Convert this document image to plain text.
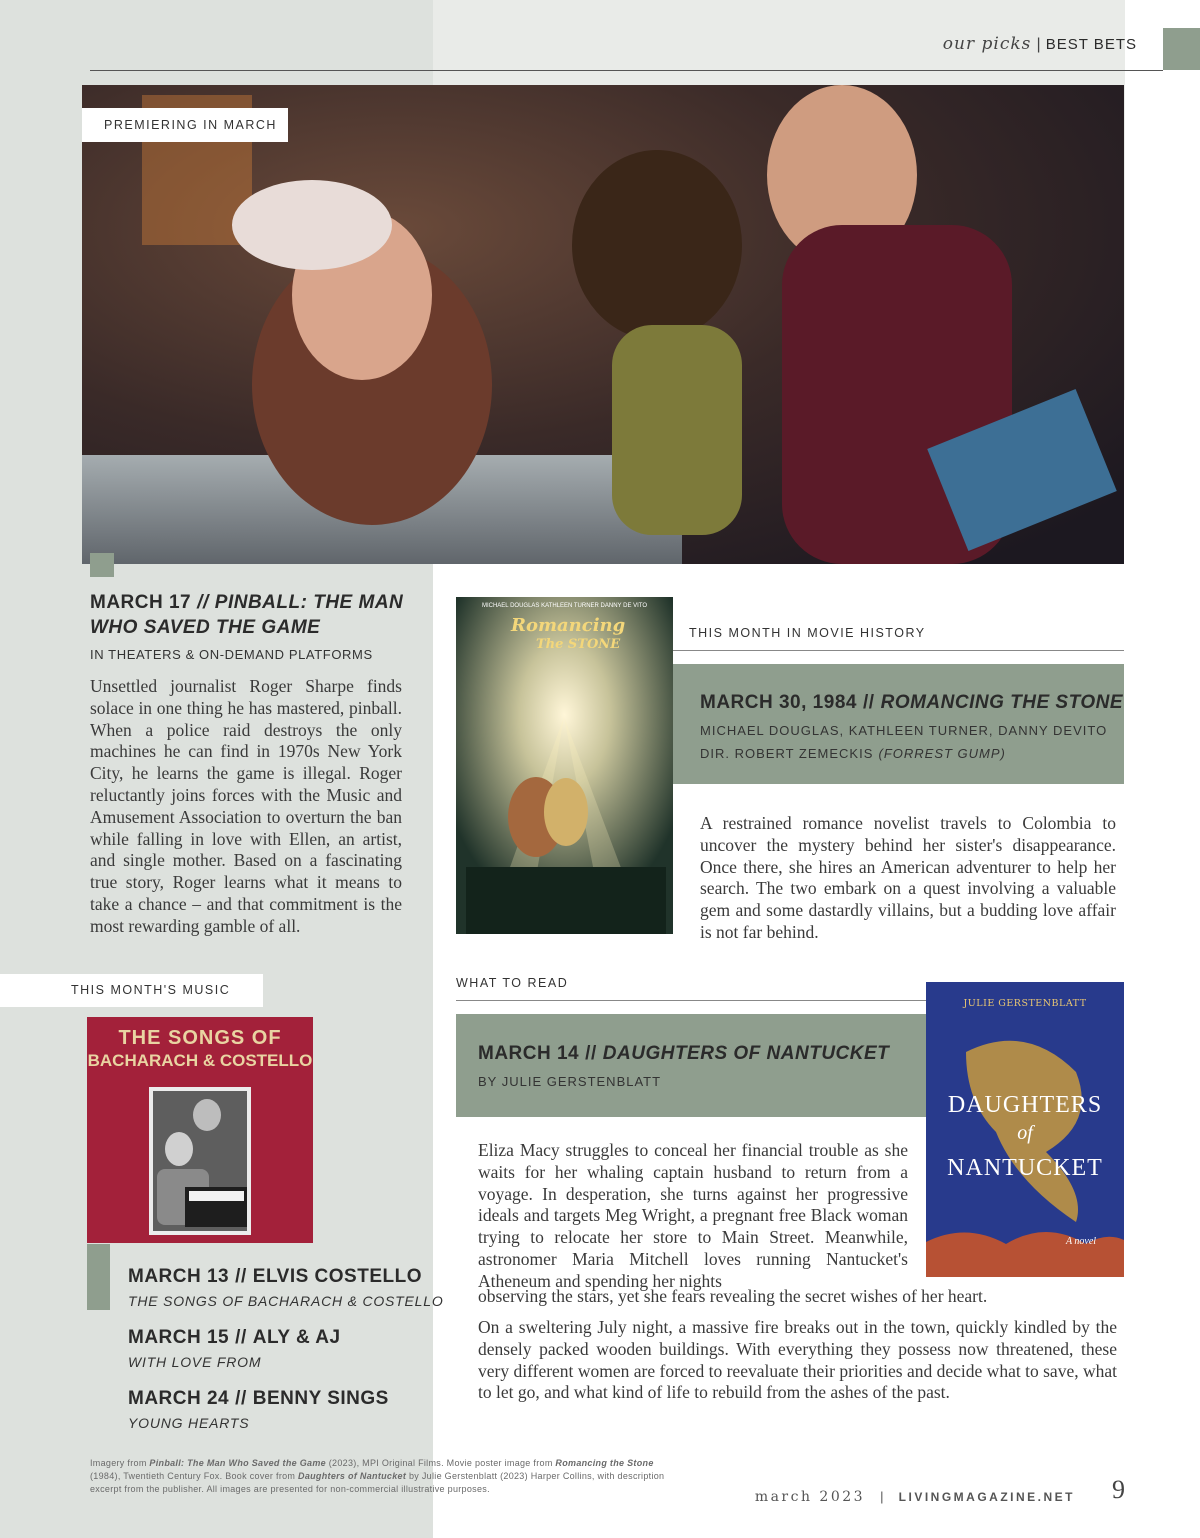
our picks | BEST BETS
PREMIERING IN MARCH
MARCH 17 // PINBALL: THE MAN WHO SAVED THE GAME
IN THEATERS & ON-DEMAND PLATFORMS
Unsettled journalist Roger Sharpe finds solace in one thing he has mastered, pinball. When a police raid destroys the only machines he can find in 1970s New York City, he learns the game is illegal. Roger reluctantly joins forces with the Music and Amusement Association to overturn the ban while falling in love with Ellen, an artist, and single mother. Based on a fascinating true story, Roger learns what it means to take a chance – and that commitment is the most rewarding gamble of all.
THIS MONTH'S MUSIC
THE SONGS OF
BACHARACH & COSTELLO
MARCH 13 // ELVIS COSTELLO
THE SONGS OF BACHARACH & COSTELLO
MARCH 15 // ALY & AJ
WITH LOVE FROM
MARCH 24 // BENNY SINGS
YOUNG HEARTS
Imagery from Pinball: The Man Who Saved the Game (2023), MPI Original Films. Movie poster image from Romancing the Stone (1984), Twentieth Century Fox. Book cover from Daughters of Nantucket by Julie Gerstenblatt (2023) Harper Collins, with description excerpt from the publisher. All images are presented for non-commercial illustrative purposes.
MICHAEL DOUGLAS KATHLEEN TURNER DANNY DE VITO
Romancing
The STONE
THIS MONTH IN MOVIE HISTORY
MARCH 30, 1984 // ROMANCING THE STONE
MICHAEL DOUGLAS, KATHLEEN TURNER, DANNY DEVITO
DIR. ROBERT ZEMECKIS (FORREST GUMP)
A restrained romance novelist travels to Colombia to uncover the mystery behind her sister's disappearance. Once there, she hires an American adventurer to help her search. The two embark on a quest involving a valuable gem and some dastardly villains, but a budding love affair is not far behind.
WHAT TO READ
MARCH 14 // DAUGHTERS OF NANTUCKET
BY JULIE GERSTENBLATT
JULIE GERSTENBLATT
DAUGHTERS
of
NANTUCKET
A novel
Eliza Macy struggles to conceal her financial trouble as she waits for her whaling captain husband to return from a voyage. In desperation, she turns against her progressive ideals and targets Meg Wright, a pregnant free Black woman trying to relocate her store to Main Street. Meanwhile, astronomer Maria Mitchell loves running Nantucket's Atheneum and spending her nights
observing the stars, yet she fears revealing the secret wishes of her heart.
On a sweltering July night, a massive fire breaks out in the town, quickly kindled by the densely packed wooden buildings. With everything they possess now threatened, these very different women are forced to reevaluate their priorities and decide what to save, what to let go, and what kind of life to rebuild from the ashes of the past.
march 2023 | LIVINGMAGAZINE.NET 9
